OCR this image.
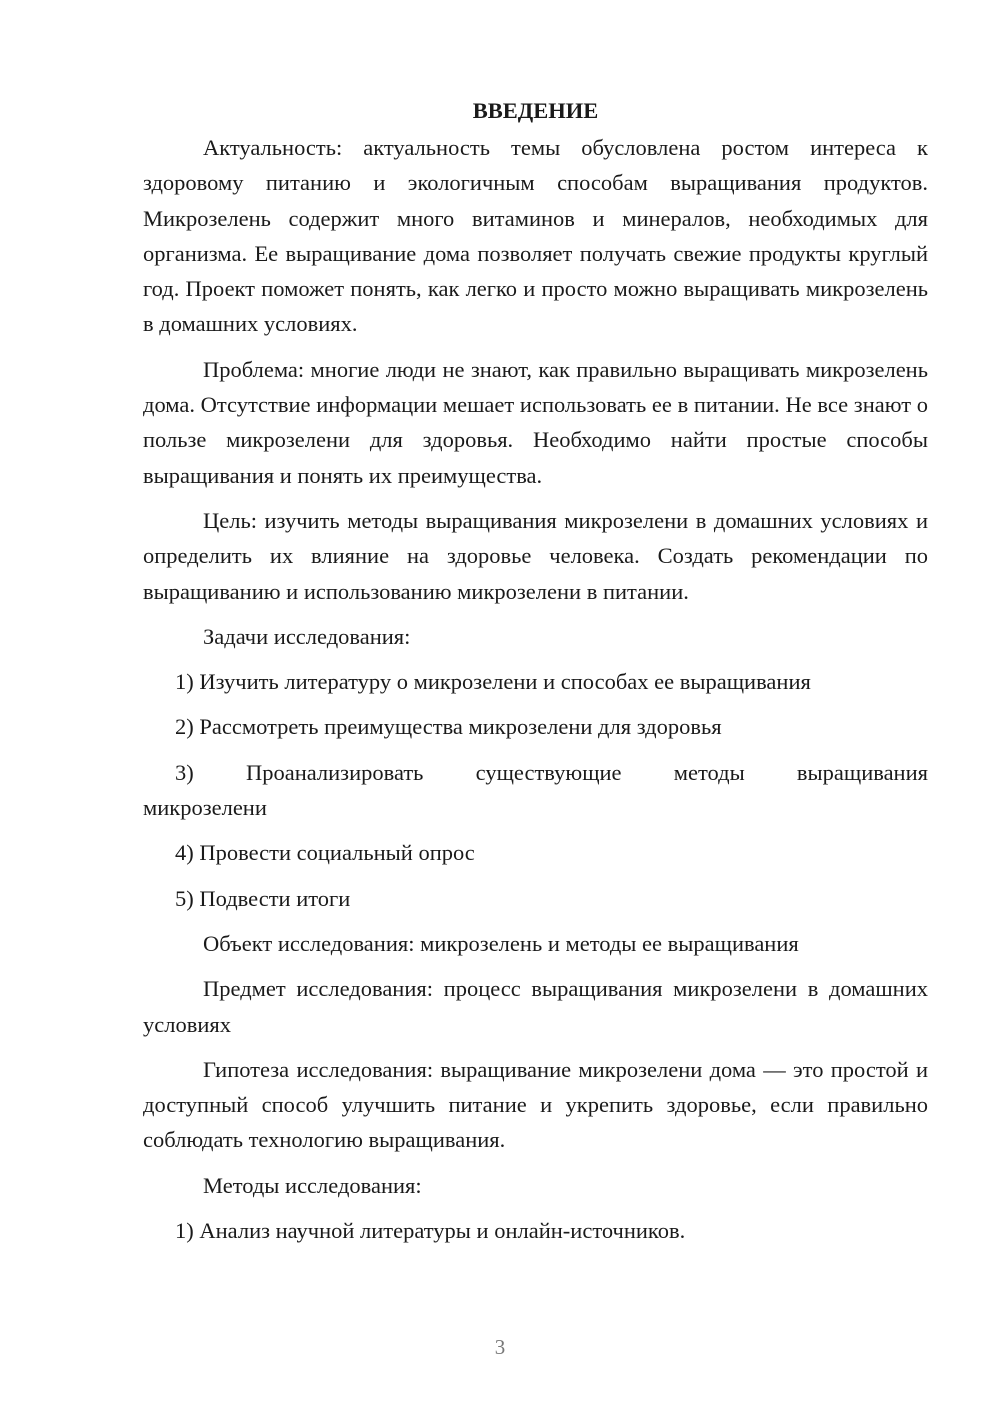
ВВЕДЕНИЕ

Актуальность: актуальность темы обусловлена ростом интереса к здоровому питанию и экологичным способам выращивания продуктов. Микрозелень содержит много витаминов и минералов, необходимых для организма. Ее выращивание дома позволяет получать свежие продукты круглый год. Проект поможет понять, как легко и просто можно выращивать микрозелень в домашних условиях.

Проблема: многие люди не знают, как правильно выращивать микрозелень дома. Отсутствие информации мешает использовать ее в питании. Не все знают о пользе микрозелени для здоровья. Необходимо найти простые способы выращивания и понять их преимущества.

Цель: изучить методы выращивания микрозелени в домашних условиях и определить их влияние на здоровье человека. Создать рекомендации по выращиванию и использованию микрозелени в питании.

Задачи исследования:

1) Изучить литературу о микрозелени и способах ее выращивания

2) Рассмотреть преимущества микрозелени для здоровья

3) Проанализировать существующие методы выращивания микрозелени

4) Провести социальный опрос

5) Подвести итоги

Объект исследования: микрозелень и методы ее выращивания

Предмет исследования: процесс выращивания микрозелени в домашних условиях

Гипотеза исследования: выращивание микрозелени дома — это простой и доступный способ улучшить питание и укрепить здоровье, если правильно соблюдать технологию выращивания.

Методы исследования:

1) Анализ научной литературы и онлайн-источников.

3
